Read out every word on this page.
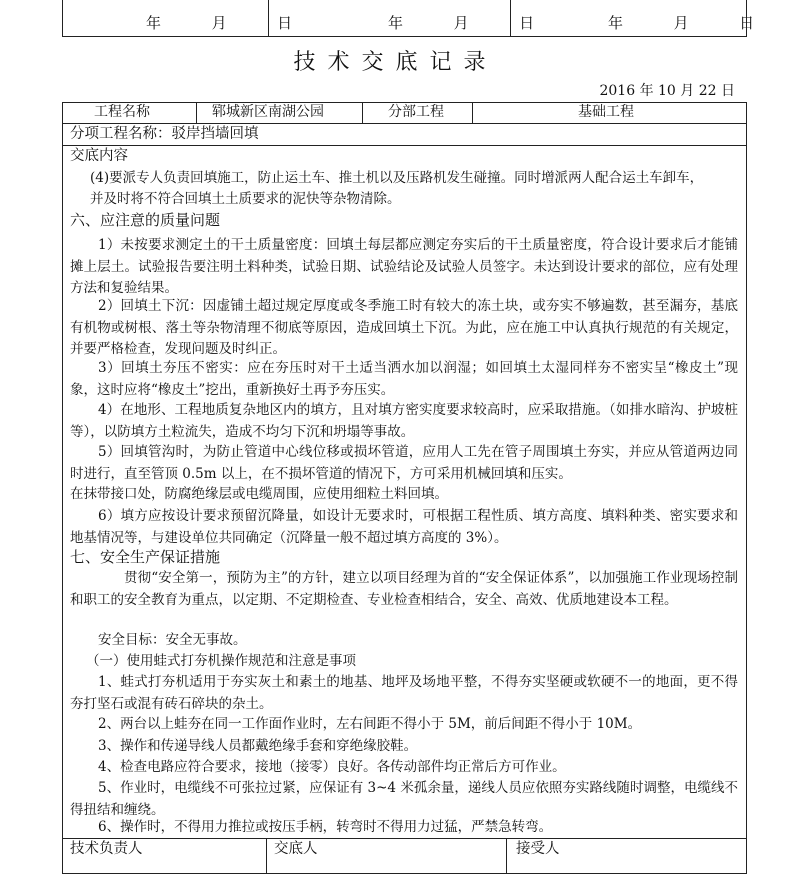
年	月	日	年	月	日	年	月	日
技术交底记录
2016 年 10 月 22 日
工程名称	郓城新区南湖公园	分部工程	基础工程
分项工程名称：驳岸挡墙回填
交底内容
(4)要派专人负责回填施工，防止运土车、推土机以及压路机发生碰撞。同时增派两人配合运土车卸车，
并及时将不符合回填土土质要求的泥快等杂物清除。
六、应注意的质量问题
1）未按要求测定土的干土质量密度：回填土每层都应测定夯实后的干土质量密度，符合设计要求后才能铺摊上层土。试验报告要注明土料种类，试验日期、试验结论及试验人员签字。未达到设计要求的部位，应有处理方法和复验结果。
2）回填土下沉：因虚铺土超过规定厚度或冬季施工时有较大的冻土块，或夯实不够遍数，甚至漏夯，基底有机物或树根、落土等杂物清理不彻底等原因，造成回填土下沉。为此，应在施工中认真执行规范的有关规定，并要严格检查，发现问题及时纠正。
3）回填土夯压不密实：应在夯压时对干土适当洒水加以润湿；如回填土太湿同样夯不密实呈“橡皮土”现象，这时应将“橡皮土”挖出，重新换好土再予夯压实。
4）在地形、工程地质复杂地区内的填方，且对填方密实度要求较高时，应采取措施。（如排水暗沟、护坡桩等），以防填方土粒流失，造成不均匀下沉和坍塌等事故。
5）回填管沟时，为防止管道中心线位移或损坏管道，应用人工先在管子周围填土夯实，并应从管道两边同时进行，直至管顶 0.5m 以上，在不损坏管道的情况下，方可采用机械回填和压实。
在抹带接口处，防腐绝缘层或电缆周围，应使用细粒土料回填。
6）填方应按设计要求预留沉降量，如设计无要求时，可根据工程性质、填方高度、填料种类、密实要求和地基情况等，与建设单位共同确定（沉降量一般不超过填方高度的 3%）。
七、安全生产保证措施
贯彻“安全第一，预防为主”的方针，建立以项目经理为首的“安全保证体系”，以加强施工作业现场控制和职工的安全教育为重点，以定期、不定期检查、专业检查相结合，安全、高效、优质地建设本工程。
安全目标：安全无事故。
（一）使用蛙式打夯机操作规范和注意是事项
1、蛙式打夯机适用于夯实灰土和素土的地基、地坪及场地平整，不得夯实坚硬或软硬不一的地面，更不得夯打坚石或混有砖石碎块的杂土。
2、两台以上蛙夯在同一工作面作业时，左右间距不得小于 5M，前后间距不得小于 10M。
3、操作和传递导线人员都戴绝缘手套和穿绝缘胶鞋。
4、检查电路应符合要求，接地（接零）良好。各传动部件均正常后方可作业。
5、作业时，电缆线不可张拉过紧，应保证有 3~4 米孤余量，递线人员应依照夯实路线随时调整，电缆线不得扭结和缠绕。
6、操作时，不得用力推拉或按压手柄，转弯时不得用力过猛，严禁急转弯。
技术负责人	交底人	接受人
